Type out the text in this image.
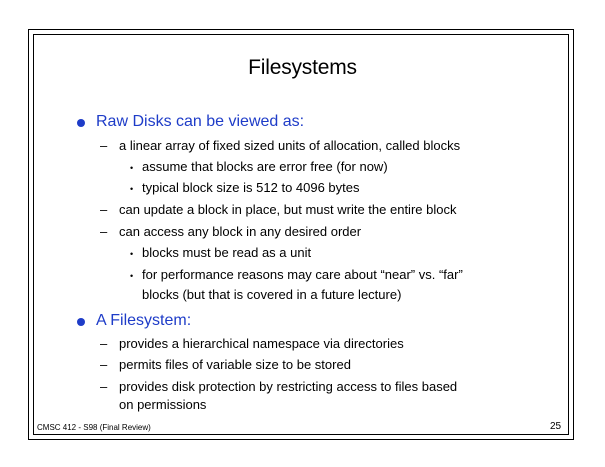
Filesystems
Raw Disks can be viewed as:
– a linear array of fixed sized units of allocation, called blocks
• assume that blocks are error free (for now)
• typical block size is 512 to 4096 bytes
– can update a block in place, but must write the entire block
– can access any block in any desired order
• blocks must be read as a unit
• for performance reasons may care about “near” vs. “far”
blocks (but that is covered in a future lecture)
A Filesystem:
– provides a hierarchical namespace via directories
– permits files of variable size to be stored
– provides disk protection by restricting access to files based
on permissions
CMSC 412 - S98 (Final Review)	25
